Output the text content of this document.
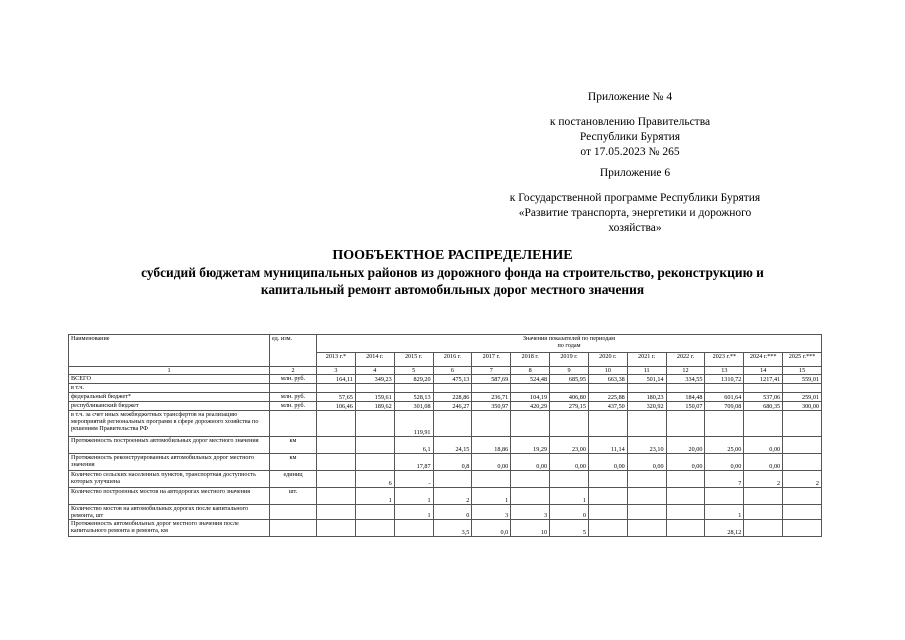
Приложение № 4
к постановлению Правительства
Республики Бурятия
от 17.05.2023 № 265
Приложение 6
к Государственной программе Республики Бурятия
«Развитие транспорта, энергетики и дорожного
хозяйства»
ПООБЪЕКТНОЕ РАСПРЕДЕЛЕНИЕ
субсидий бюджетам муниципальных районов из дорожного фонда на строительство, реконструкцию и
капитальный ремонт автомобильных дорог местного значения
Наименование	ед. изм.	Значения показателей по периодам
по годам												
		2013 г.*	2014 г.	2015 г.	2016 г.	2017 г.	2018 г.	2019 г.	2020 г.	2021 г.	2022 г.	2023 г.**	2024 г.***	2025 г.***
1	2	3	4	5	6	7	8	9	10	11	12	13	14	15
ВСЕГО	млн. руб.	164,11	349,23	829,20	475,13	587,69	524,48	685,95	663,38	501,14	334,55	1310,72	1217,41	559,01
в т.ч.														
федеральный бюджет*	млн. руб.	57,65	159,61	528,13	228,86	236,71	104,19	406,80	225,88	180,23	184,48	601,64	537,06	259,01
республиканский бюджет	млн. руб.	106,46	189,62	301,08	246,27	350,97	420,29	279,15	437,50	320,92	150,07	709,08	680,35	300,00
в т.ч. за счет иных межбюджетных трансфертов на реализацию мероприятий региональных программ в сфере дорожного хозяйства по решениям Правительства РФ				119,91										
Протяженность построенных автомобильных дорог местного значения	км			6,1	24,15	18,86	19,29	23,00	11,14	23,10	20,00	25,00	0,00	
Протяженность реконструированных автомобильных дорог местного значения	км			17,87	0,8	0,00	0,00	0,00	0,00	0,00	0,00	0,00	0,00	
Количество сельских населенных пунктов, транспортная доступность которых улучшена	единиц		6	-								7	2	2
Количество построенных мостов на автодорогах местного значения	шт.		1	1	2	1		1						
Количество мостов на автомобильных дорогах после капитального ремонта, шт				1	0	3	3	0				1		
Протяженность автомобильных дорог местного значения после капитального ремонта и ремонта, км					3,5	0,0	10	5				28,12		
